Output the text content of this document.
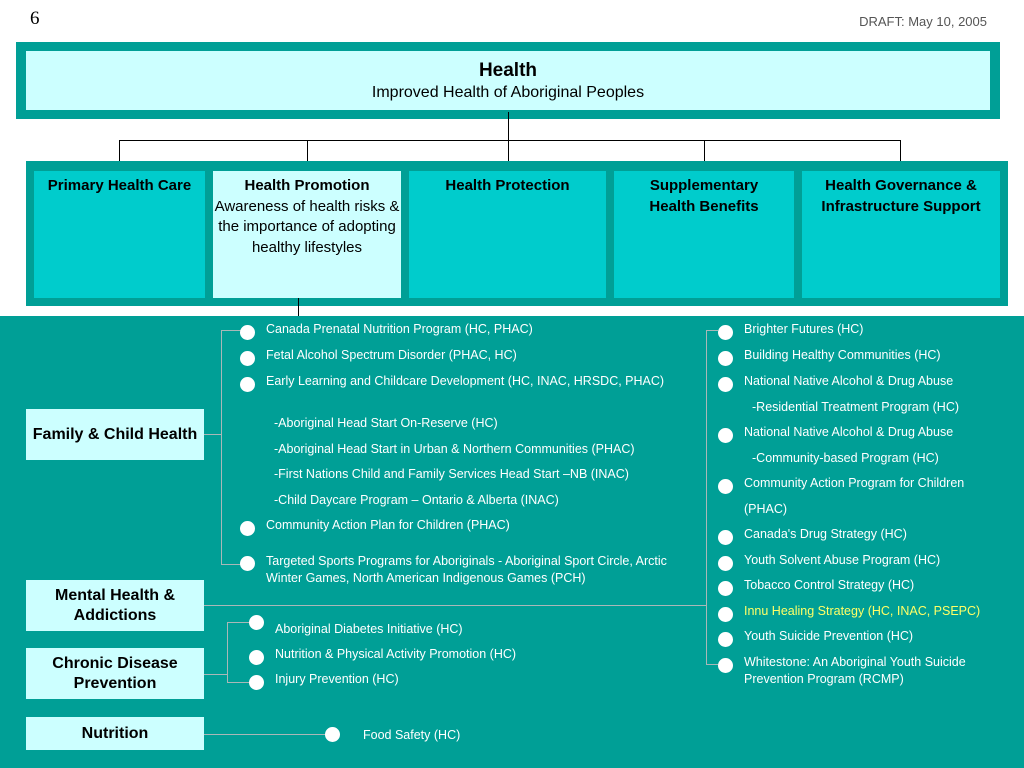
6	DRAFT: May 10, 2005
Health
Improved Health of Aboriginal Peoples
Primary Health Care	Health Promotion
Awareness of health risks & the importance of adopting healthy lifestyles
Health Protection	Supplementary Health Benefits
Health Governance & Infrastructure Support
Family & Child Health
Mental Health & Addictions
Chronic Disease Prevention
Nutrition
Canada Prenatal Nutrition Program (HC, PHAC)
Fetal Alcohol Spectrum Disorder (PHAC, HC)
Early Learning and Childcare Development (HC, INAC, HRSDC, PHAC)
-Aboriginal Head Start On-Reserve (HC)
-Aboriginal Head Start in Urban & Northern Communities (PHAC)
-First Nations Child and Family Services Head Start –NB (INAC)
-Child Daycare Program – Ontario & Alberta (INAC)
Community Action Plan for Children (PHAC)
Targeted Sports Programs for Aboriginals - Aboriginal Sport Circle, Arctic Winter Games, North American Indigenous Games (PCH)
Brighter Futures (HC)
Building Healthy Communities (HC)
National Native Alcohol & Drug Abuse
-Residential Treatment Program (HC)
National Native Alcohol & Drug Abuse
-Community-based Program (HC)
Community Action Program for Children
(PHAC)
Canada's Drug Strategy (HC)
Youth Solvent Abuse Program (HC)
Tobacco Control Strategy (HC)
Innu Healing Strategy (HC, INAC, PSEPC)
Youth Suicide Prevention (HC)
Whitestone: An Aboriginal Youth Suicide Prevention Program (RCMP)
Aboriginal Diabetes Initiative (HC)
Nutrition & Physical Activity Promotion (HC)
Injury Prevention (HC)
Food Safety (HC)
